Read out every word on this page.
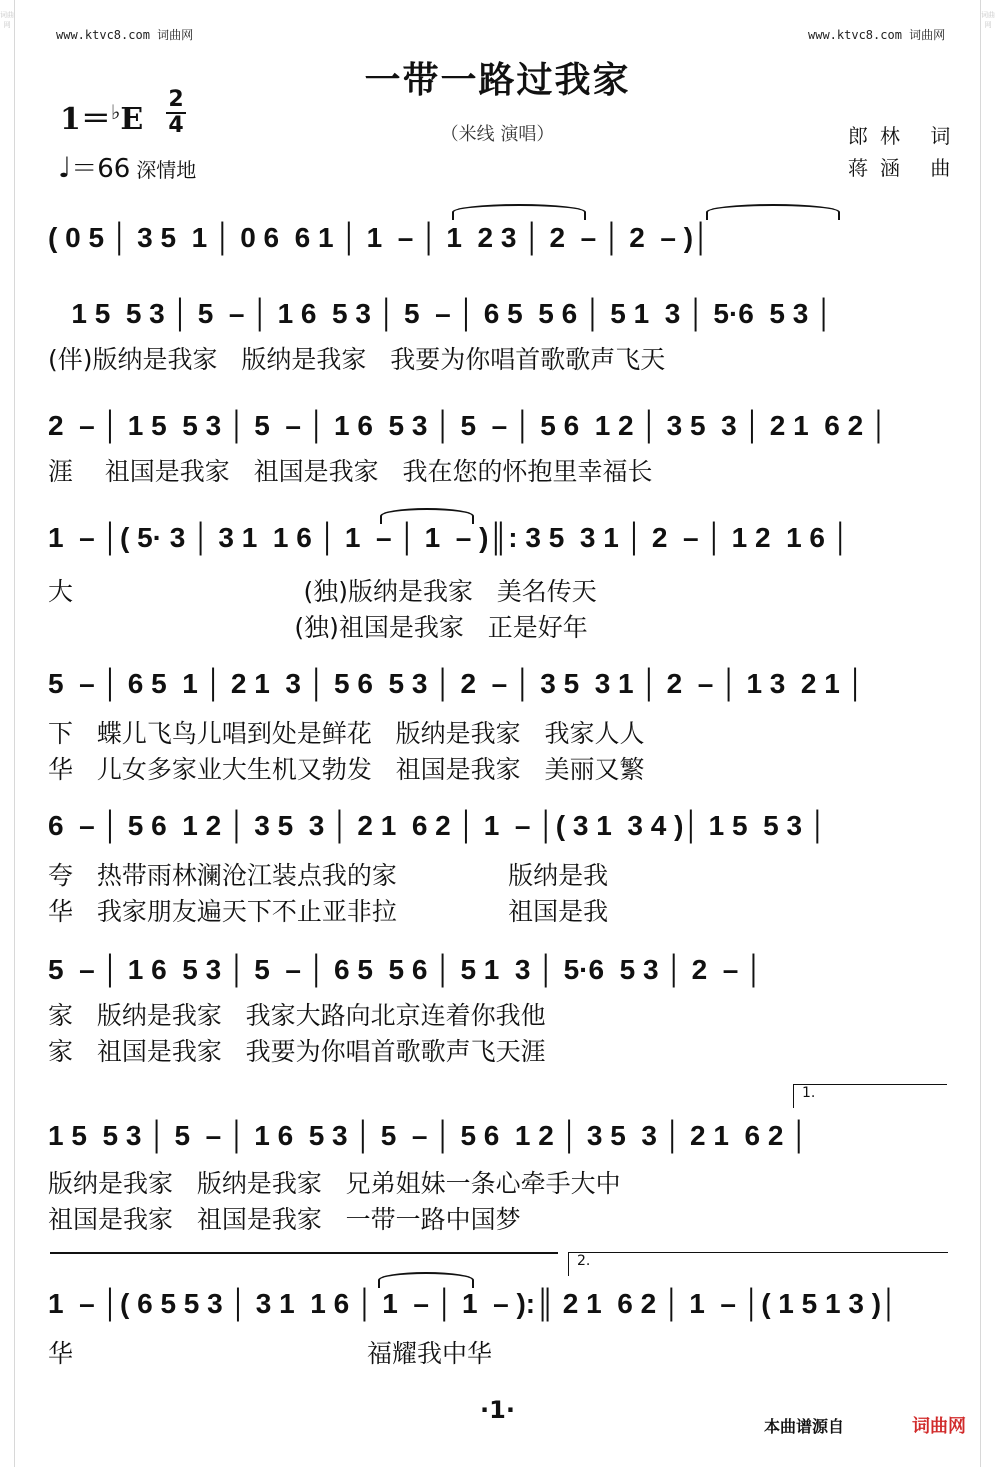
词曲网
词曲网
www.ktvc8.com 词曲网	www.ktvc8.com 词曲网
一带一路过我家
（米线 演唱）
1＝♭E
2
4
♩＝66 深情地
郎林 词
蒋涵 曲
( 0 5 │ 3 5  1 │ 0 6  6 1 │ 1  – │ 1  2 3 │ 2  – │ 2  – )│
1 5  5 3 │ 5  – │ 1 6  5 3 │ 5  – │ 6 5  5 6 │ 5 1  3 │ 5·6  5 3 │
(伴)版纳是我家   版纳是我家   我要为你唱首歌歌声飞天
2  – │ 1 5  5 3 │ 5  – │ 1 6  5 3 │ 5  – │ 5 6  1 2 │ 3 5  3 │ 2 1  6 2 │
涯    祖国是我家   祖国是我家   我在您的怀抱里幸福长
1  – │( 5· 3 │ 3 1  1 6 │ 1  – │ 1  – )║: 3 5  3 1 │ 2  – │ 1 2  1 6 │
大                             (独)版纳是我家   美名传天
(独)祖国是我家   正是好年
5  – │ 6 5  1 │ 2 1  3 │ 5 6  5 3 │ 2  – │ 3 5  3 1 │ 2  – │ 1 3  2 1 │
下   蝶儿飞鸟儿唱到处是鲜花   版纳是我家   我家人人
华   儿女多家业大生机又勃发   祖国是我家   美丽又繁
6  – │ 5 6  1 2 │ 3 5  3 │ 2 1  6 2 │ 1  – │( 3 1  3 4 )│ 1 5  5 3 │
夸   热带雨林澜沧江装点我的家              版纳是我
华   我家朋友遍天下不止亚非拉              祖国是我
5  – │ 1 6  5 3 │ 5  – │ 6 5  5 6 │ 5 1  3 │ 5·6  5 3 │ 2  – │
家   版纳是我家   我家大路向北京连着你我他
家   祖国是我家   我要为你唱首歌歌声飞天涯
1 5  5 3 │ 5  – │ 1 6  5 3 │ 5  – │ 5 6  1 2 │ 3 5  3 │ 2 1  6 2 │
版纳是我家   版纳是我家   兄弟姐妹一条心牵手大中
祖国是我家   祖国是我家   一带一路中国梦
1  – │( 6 5 5 3 │ 3 1  1 6 │ 1  – │ 1  – ):║ 2 1  6 2 │ 1  – │( 1 5 1 3 )│
华                                     福耀我中华
1.
2.
·1·
本曲谱源自	词曲网
